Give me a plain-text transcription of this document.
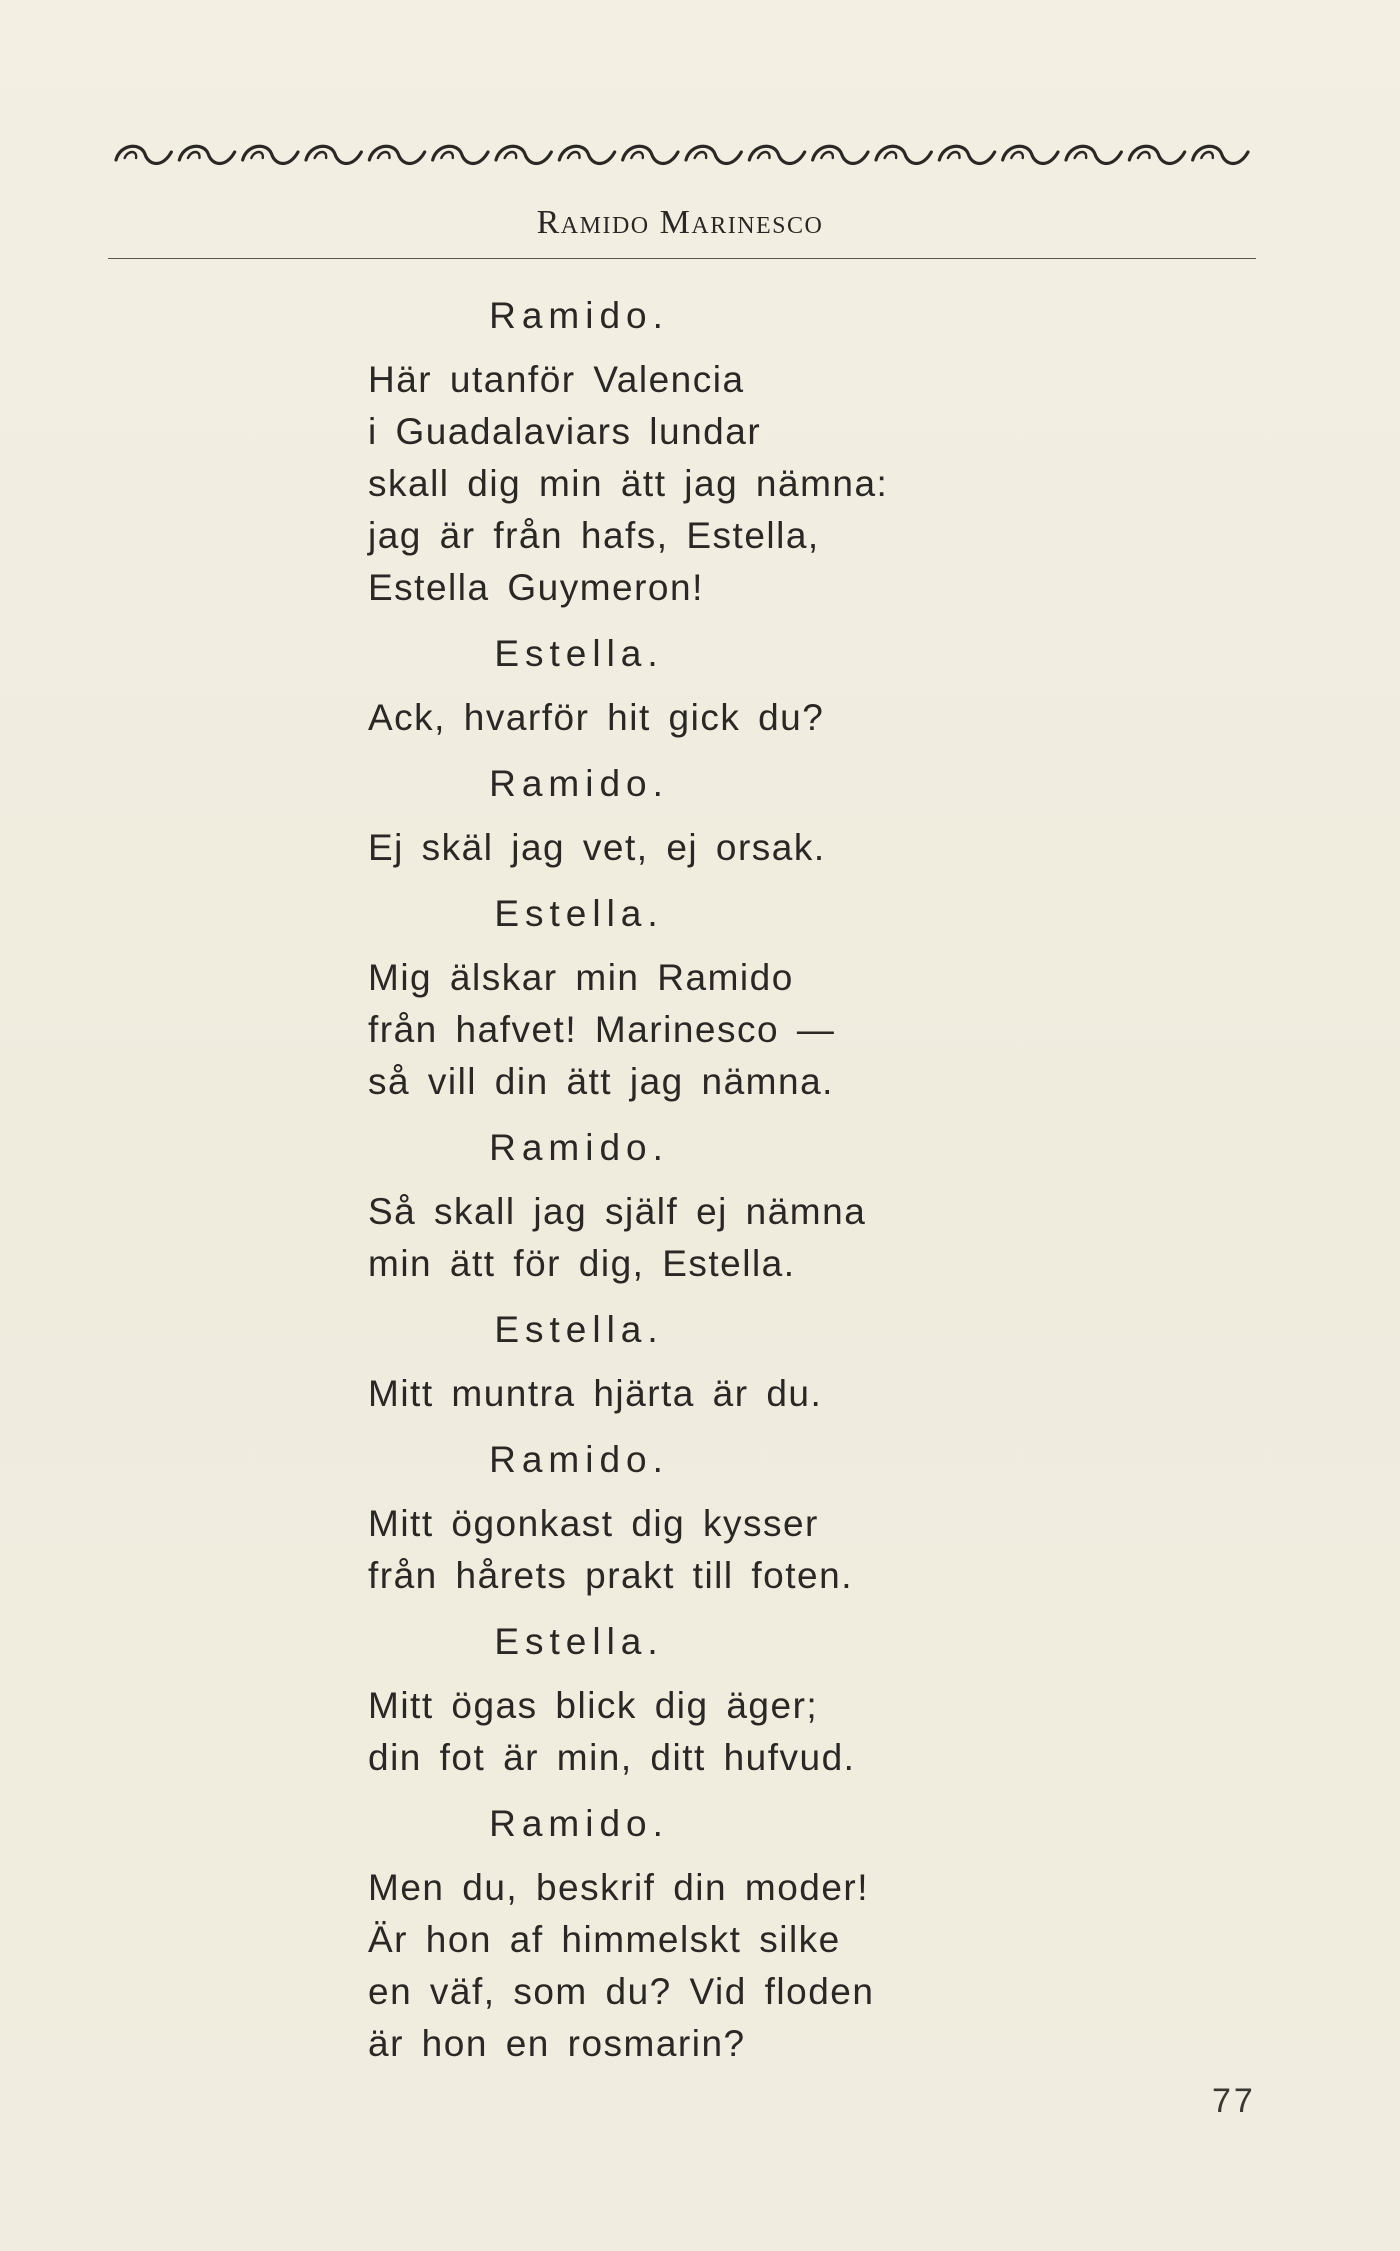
Ramido Marinesco
Ramido.
Här utanför Valencia
i Guadalaviars lundar
skall dig min ätt jag nämna:
jag är från hafs, Estella,
Estella Guymeron!
Estella.
Ack, hvarför hit gick du?
Ramido.
Ej skäl jag vet, ej orsak.
Estella.
Mig älskar min Ramido
från hafvet! Marinesco —
så vill din ätt jag nämna.
Ramido.
Så skall jag själf ej nämna
min ätt för dig, Estella.
Estella.
Mitt muntra hjärta är du.
Ramido.
Mitt ögonkast dig kysser
från hårets prakt till foten.
Estella.
Mitt ögas blick dig äger;
din fot är min, ditt hufvud.
Ramido.
Men du, beskrif din moder!
Är hon af himmelskt silke
en väf, som du? Vid floden
är hon en rosmarin?
77
